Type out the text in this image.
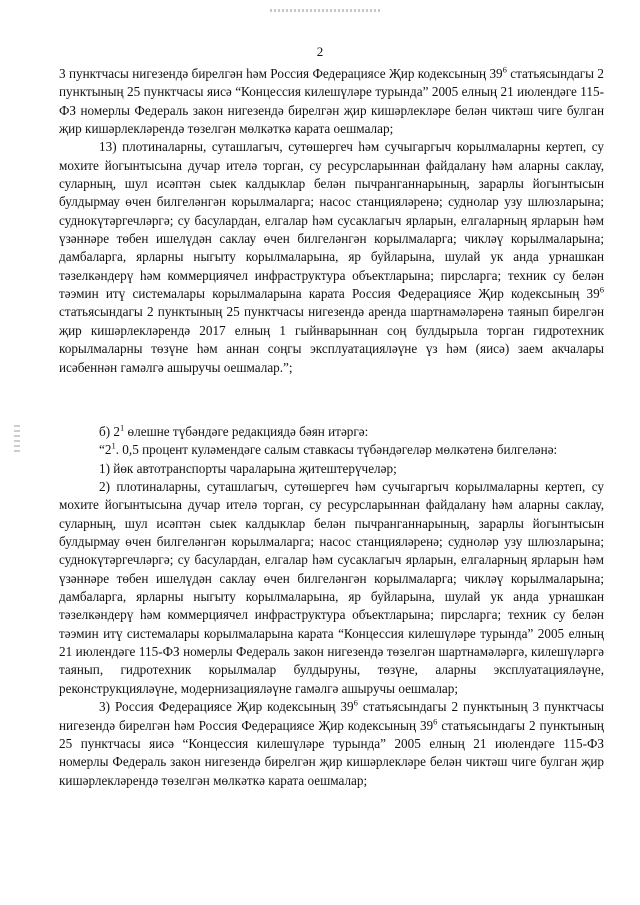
2

3 пунктчасы нигезендә бирелгән һәм Россия Федерациясе Җир кодексының $39^6$ статьясындагы 2 пунктының 25 пунктчасы яисә “Концессия килешүләре турында” 2005 елның 21 июлендәге 115-ФЗ номерлы Федераль закон нигезендә бирелгән җир кишәрлекләре белән чиктәш чиге булган җир кишәрлекләрендә төзелгән мөлкәткә карата оешмалар;

13) плотиналарны, суташлагыч, сутөшергеч һәм сучыгаргыч корылмаларны кертеп, су мохите йогынтысына дучар ителә торган, су ресурсларыннан файдалану һәм аларны саклау, суларның, шул исәптән сыек калдыклар белән пычранганнарының, зарарлы йогынтысын булдырмау өчен билгеләнгән корылмаларга; насос станцияләренә; суднолар узу шлюзларына; суднокүтәргечләргә; су басулардан, елгалар һәм сусаклагыч ярларын, елгаларның ярларын һәм үзәннәре төбен ишелүдән саклау өчен билгеләнгән корылмаларга; чикләү корылмаларына; дамбаларга, ярларны ныгыту корылмаларына, яр буйларына, шулай ук анда урнашкан тәзелкәндерү һәм коммерциячел инфраструктура объектларына; пирсларга; техник су белән тәэмин итү системалары корылмаларына карата Россия Федерациясе Җир кодексының $39^6$ статьясындагы 2 пунктының 25 пунктчасы нигезендә аренда шартнамәләренә таянып бирелгән җир кишәрлекләрендә 2017 елның 1 гыйнварыннан соң булдырыла торган гидротехник корылмаларны төзүне һәм аннан соңгы эксплуатацияләүне үз һәм (яисә) заем акчалары исәбеннән гамәлгә ашыручы оешмалар.”;

б) $2^1$ өлешне түбәндәге редакциядә бәян итәргә:

“$2^1$. 0,5 процент куләмендәге салым ставкасы түбәндәгеләр мөлкәтенә билгеләнә:

1) йөк автотранспорты чараларына җитештерүчеләр;

2) плотиналарны, суташлагыч, сутөшергеч һәм сучыгаргыч корылмаларны кертеп, су мохите йогынтысына дучар ителә торган, су ресурсларыннан файдалану һәм аларны саклау, суларның, шул исәптән сыек калдыклар белән пычранганнарының, зарарлы йогынтысын булдырмау өчен билгеләнгән корылмаларга; насос станцияләренә; судноләр узу шлюзларына; суднокүтәргечләргә; су басулардан, елгалар һәм сусаклагыч ярларын, елгаларның ярларын һәм үзәннәре төбен ишелүдән саклау өчен билгеләнгән корылмаларга; чикләү корылмаларына; дамбаларга, ярларны ныгыту корылмаларына, яр буйларына, шулай ук анда урнашкан тәзелкәндерү һәм коммерциячел инфраструктура объектларына; пирсларга; техник су белән тәэмин итү системалары корылмаларына карата “Концессия килешүләре турында” 2005 елның 21 июлендәге 115-ФЗ номерлы Федераль закон нигезендә төзелгән шартнамәләргә, килешүләргә таянып, гидротехник корылмалар булдыруны, төзүне, аларны эксплуатацияләүне, реконструкцияләүне, модернизацияләүне гамәлгә ашыручы оешмалар;

3) Россия Федерациясе Җир кодексының $39^6$ статьясындагы 2 пунктының 3 пунктчасы нигезендә бирелгән һәм Россия Федерациясе Җир кодексының $39^6$ статьясындагы 2 пунктының 25 пунктчасы яисә “Концессия килешүләре турында” 2005 елның 21 июлендәге 115-ФЗ номерлы Федераль закон нигезендә бирелгән җир кишәрлекләре белән чиктәш чиге булган җир кишәрлекләрендә төзелгән мөлкәткә карата оешмалар;
